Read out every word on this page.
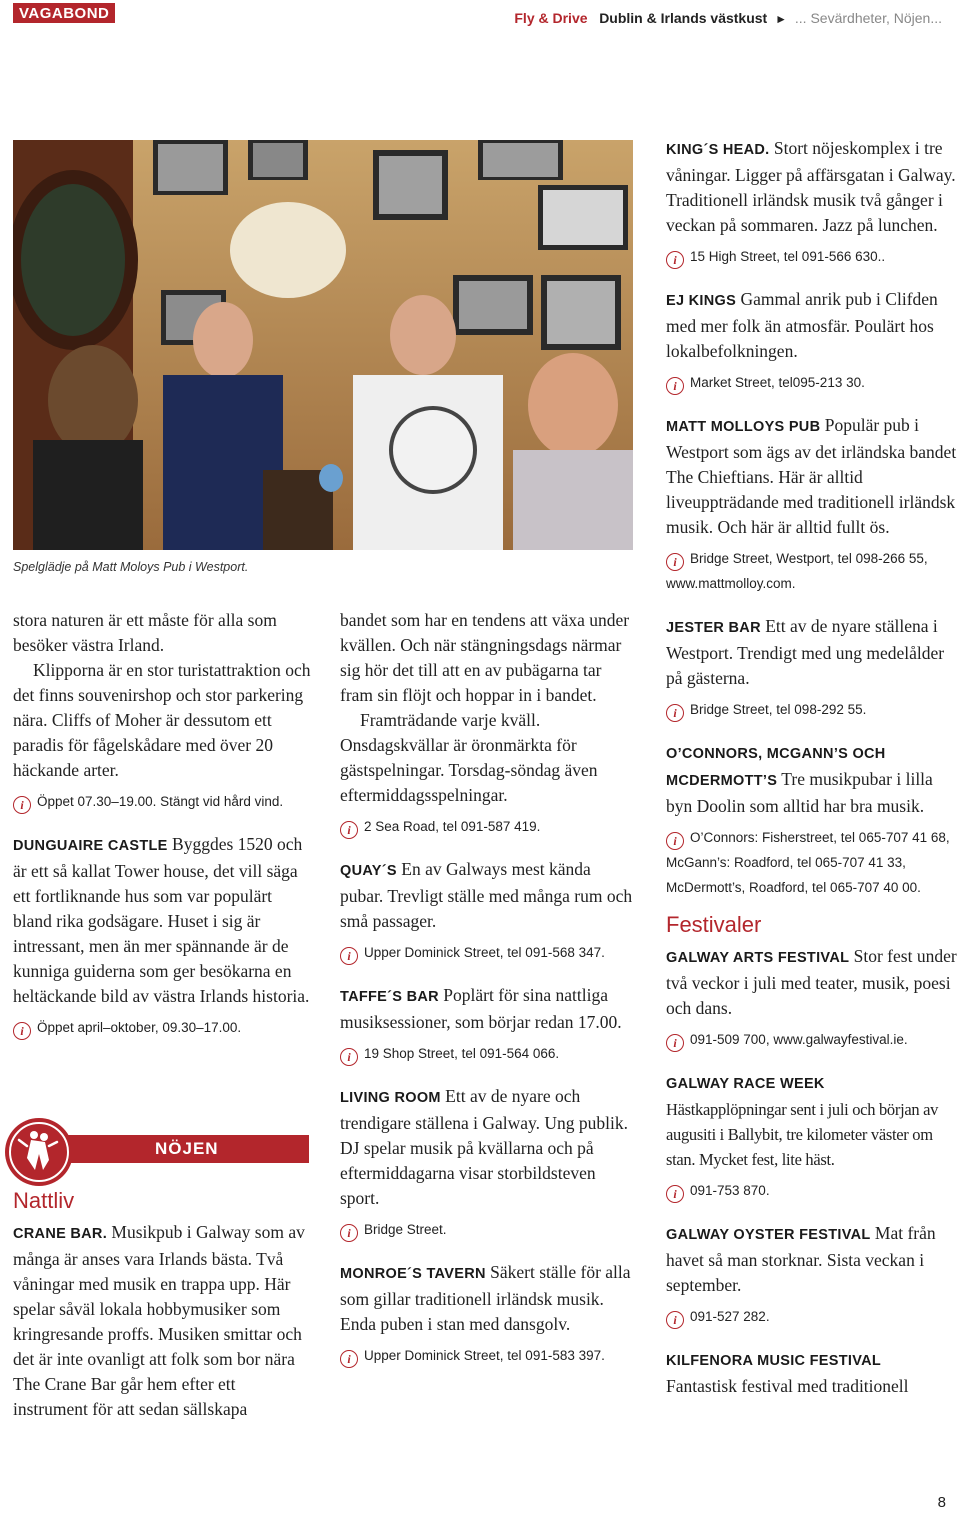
VAGABOND	Fly & Drive Dublin & Irlands västkust ► ... Sevärdheter, Nöjen...
Spelglädje på Matt Moloys Pub i Westport.

stora naturen är ett måste för alla som besöker västra Irland.

Klipporna är en stor turistattraktion och det finns souvenirshop och stor parkering nära. Cliffs of Moher är dessutom ett paradis för fågelskådare med över 20 häckande arter.

i Öppet 07.30–19.00. Stängt vid hård vind.

DUNGUAIRE CASTLE Byggdes 1520 och är ett så kallat Tower house, det vill säga ett fortliknande hus som var populärt bland rika godsägare. Huset i sig är intressant, men än mer spännande är de kunniga guiderna som ger besökarna en heltäckande bild av västra Irlands historia.

i Öppet april–oktober, 09.30–17.00.
NÖJEN
Nattliv

CRANE BAR. Musikpub i Galway som av många är anses vara Irlands bästa. Två våningar med musik en trappa upp. Här spelar såväl lokala hobbymusiker som kringresande proffs. Musiken smittar och det är inte ovanligt att folk som bor nära The Crane Bar går hem efter ett instrument för att sedan sällskapa

bandet som har en tendens att växa under kvällen. Och när stängningsdags närmar sig hör det till att en av pubägarna tar fram sin flöjt och hoppar in i bandet.

Framträdande varje kväll. Onsdagskvällar är öronmärkta för gästspelningar. Torsdag-söndag även eftermiddagsspelningar.

i 2 Sea Road, tel 091-587 419.

QUAY´S En av Galways mest kända pubar. Trevligt ställe med många rum och små passager.

i Upper Dominick Street, tel 091-568 347.

TAFFE´S BAR Poplärt för sina nattliga musiksessioner, som börjar redan 17.00.

i 19 Shop Street, tel 091-564 066.

LIVING ROOM Ett av de nyare och trendigare ställena i Galway. Ung publik. DJ spelar musik på kvällarna och på eftermiddagarna visar storbildsteven sport.

i Bridge Street.

MONROE´S TAVERN Säkert ställe för alla som gillar traditionell irländsk musik. Enda puben i stan med dansgolv.

i Upper Dominick Street, tel 091-583 397.

KING´S HEAD. Stort nöjeskomplex i tre våningar. Ligger på affärsgatan i Galway. Traditionell irländsk musik två gånger i veckan på sommaren. Jazz på lunchen.

i 15 High Street, tel 091-566 630..

EJ KINGS Gammal anrik pub i Clifden med mer folk än atmosfär. Poulärt hos lokalbefolkningen.

i Market Street, tel095-213 30.

MATT MOLLOYS PUB Populär pub i Westport som ägs av det irländska bandet The Chieftians. Här är alltid liveuppträdande med traditionell irländsk musik. Och här är alltid fullt ös.

i Bridge Street, Westport, tel 098-266 55, www.mattmolloy.com.

JESTER BAR Ett av de nyare ställena i Westport. Trendigt med ung medelålder på gästerna.

i Bridge Street, tel 098-292 55.

O’CONNORS, MCGANN’S OCH MCDERMOTT’S Tre musikpubar i lilla byn Doolin som alltid har bra musik.

i O’Connors: Fisherstreet, tel 065-707 41 68, McGann’s: Roadford, tel 065-707 41 33, McDermott’s, Roadford, tel 065-707 40 00.
Festivaler

GALWAY ARTS FESTIVAL Stor fest under två veckor i juli med teater, musik, poesi och dans.

i 091-509 700, www.galwayfestival.ie.

GALWAY RACE WEEK
Hästkapplöpningar sent i juli och början av augusiti i Ballybit, tre kilometer väster om stan. Mycket fest, lite häst.

i 091-753 870.

GALWAY OYSTER FESTIVAL Mat från havet så man storknar. Sista veckan i september.

i 091-527 282.

KILFENORA MUSIC FESTIVAL
Fantastisk festival med traditionell

8
